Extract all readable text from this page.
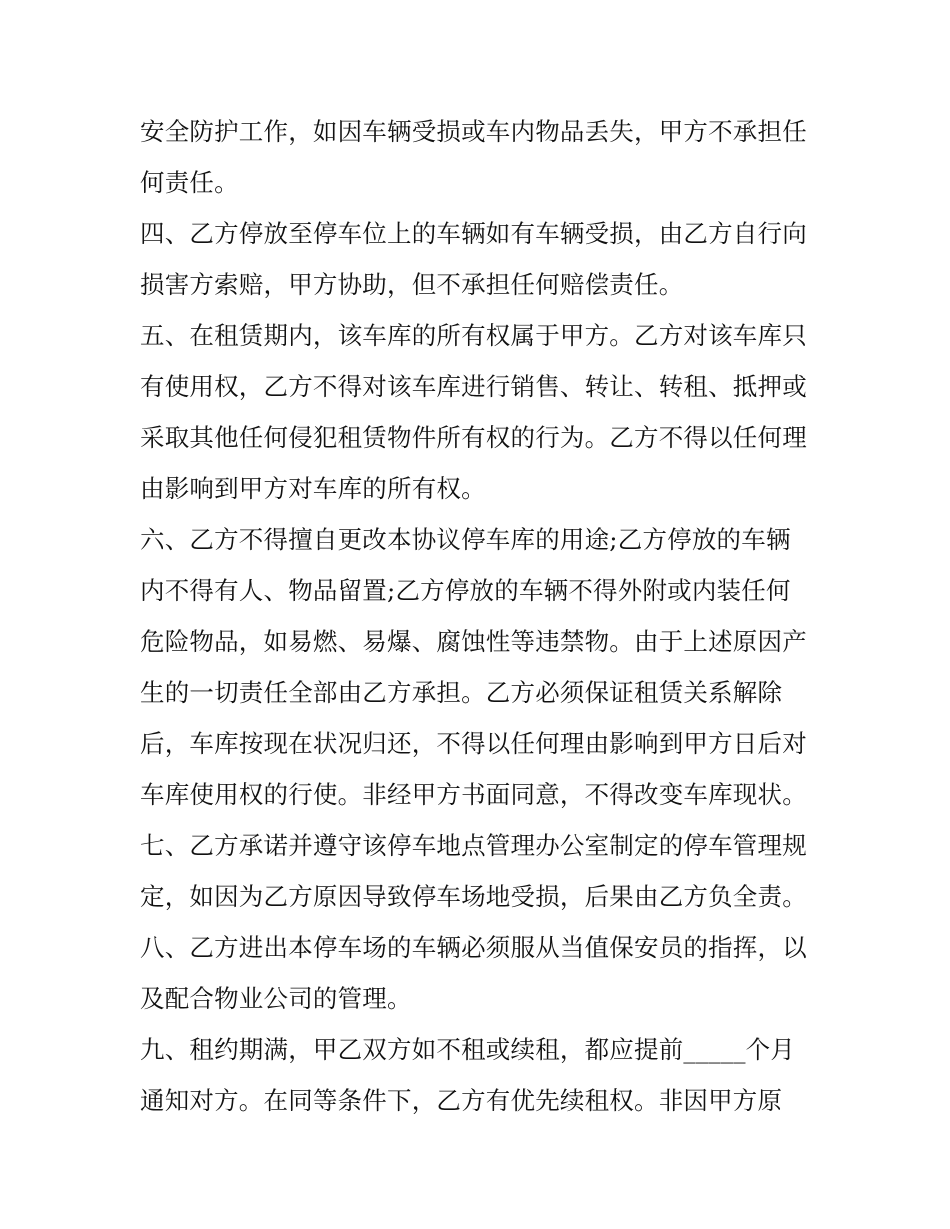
安全防护工作，如因车辆受损或车内物品丢失，甲方不承担任
何责任。
四、乙方停放至停车位上的车辆如有车辆受损，由乙方自行向
损害方索赔，甲方协助，但不承担任何赔偿责任。
五、在租赁期内，该车库的所有权属于甲方。乙方对该车库只
有使用权，乙方不得对该车库进行销售、转让、转租、抵押或
采取其他任何侵犯租赁物件所有权的行为。乙方不得以任何理
由影响到甲方对车库的所有权。
六、乙方不得擅自更改本协议停车库的用途;乙方停放的车辆
内不得有人、物品留置;乙方停放的车辆不得外附或内装任何
危险物品，如易燃、易爆、腐蚀性等违禁物。由于上述原因产
生的一切责任全部由乙方承担。乙方必须保证租赁关系解除
后，车库按现在状况归还，不得以任何理由影响到甲方日后对
车库使用权的行使。非经甲方书面同意，不得改变车库现状。
七、乙方承诺并遵守该停车地点管理办公室制定的停车管理规
定，如因为乙方原因导致停车场地受损，后果由乙方负全责。
八、乙方进出本停车场的车辆必须服从当值保安员的指挥，以
及配合物业公司的管理。
九、租约期满，甲乙双方如不租或续租，都应提前_____个月
通知对方。在同等条件下，乙方有优先续租权。非因甲方原
